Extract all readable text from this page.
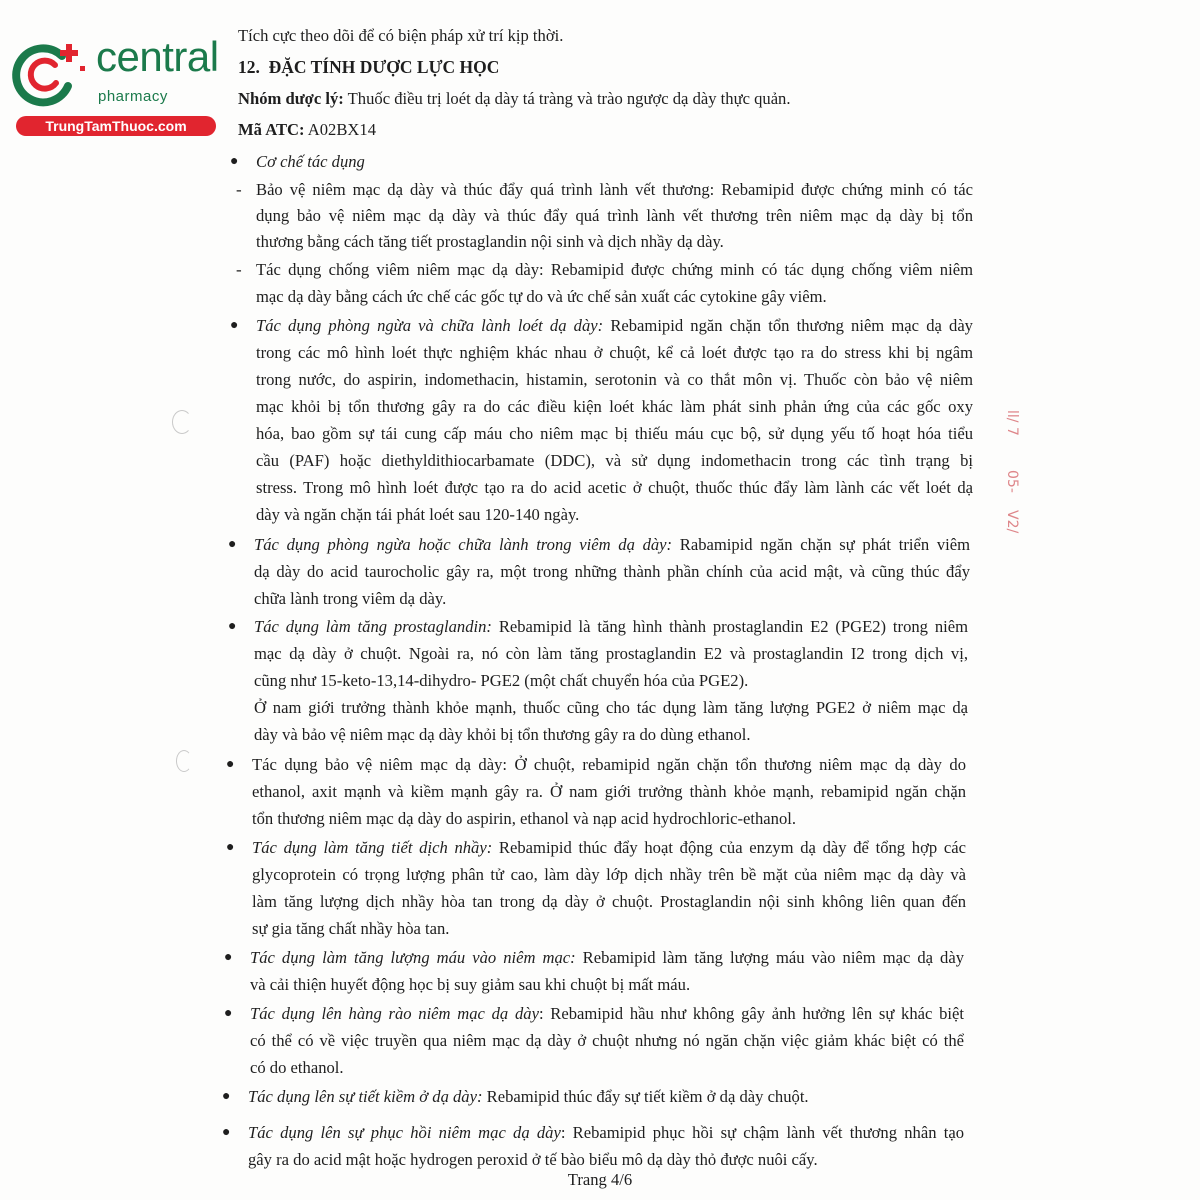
central
pharmacy
TrungTamThuoc.com
ll/ 7
05-
V2/
Tích cực theo dõi để có biện pháp xử trí kịp thời.
12.  ĐẶC TÍNH DƯỢC LỰC HỌC
Nhóm dược lý: Thuốc điều trị loét dạ dày tá tràng và trào ngược dạ dày thực quản.
Mã ATC: A02BX14
● Cơ chế tác dụng
- Bảo vệ niêm mạc dạ dày và thúc đẩy quá trình lành vết thương: Rebamipid được chứng minh có tác
dụng bảo vệ niêm mạc dạ dày và thúc đẩy quá trình lành vết thương trên niêm mạc dạ dày bị tổn
thương bằng cách tăng tiết prostaglandin nội sinh và dịch nhầy dạ dày.
- Tác dụng chống viêm niêm mạc dạ dày: Rebamipid được chứng minh có tác dụng chống viêm niêm
mạc dạ dày bằng cách ức chế các gốc tự do và ức chế sản xuất các cytokine gây viêm.
● Tác dụng phòng ngừa và chữa lành loét dạ dày: Rebamipid ngăn chặn tổn thương niêm mạc dạ dày
trong các mô hình loét thực nghiệm khác nhau ở chuột, kể cả loét được tạo ra do stress khi bị ngâm
trong nước, do aspirin, indomethacin, histamin, serotonin và co thắt môn vị. Thuốc còn bảo vệ niêm
mạc khỏi bị tổn thương gây ra do các điều kiện loét khác làm phát sinh phản ứng của các gốc oxy
hóa, bao gồm sự tái cung cấp máu cho niêm mạc bị thiếu máu cục bộ, sử dụng yếu tố hoạt hóa tiểu
cầu (PAF) hoặc diethyldithiocarbamate (DDC), và sử dụng indomethacin trong các tình trạng bị
stress. Trong mô hình loét được tạo ra do acid acetic ở chuột, thuốc thúc đẩy làm lành các vết loét dạ
dày và ngăn chặn tái phát loét sau 120-140 ngày.
● Tác dụng phòng ngừa hoặc chữa lành trong viêm dạ dày: Rabamipid ngăn chặn sự phát triển viêm
dạ dày do acid taurocholic gây ra, một trong những thành phần chính của acid mật, và cũng thúc đẩy
chữa lành trong viêm dạ dày.
● Tác dụng làm tăng prostaglandin: Rebamipid là tăng hình thành prostaglandin E2 (PGE2) trong niêm
mạc dạ dày ở chuột. Ngoài ra, nó còn làm tăng prostaglandin E2 và prostaglandin I2 trong dịch vị,
cũng như 15-keto-13,14-dihydro- PGE2 (một chất chuyển hóa của PGE2).
Ở nam giới trưởng thành khỏe mạnh, thuốc cũng cho tác dụng làm tăng lượng PGE2 ở niêm mạc dạ
dày và bảo vệ niêm mạc dạ dày khỏi bị tổn thương gây ra do dùng ethanol.
● Tác dụng bảo vệ niêm mạc dạ dày: Ở chuột, rebamipid ngăn chặn tổn thương niêm mạc dạ dày do
ethanol, axit mạnh và kiềm mạnh gây ra. Ở nam giới trưởng thành khỏe mạnh, rebamipid ngăn chặn
tổn thương niêm mạc dạ dày do aspirin, ethanol và nạp acid hydrochloric-ethanol.
● Tác dụng làm tăng tiết dịch nhầy: Rebamipid thúc đẩy hoạt động của enzym dạ dày để tổng hợp các
glycoprotein có trọng lượng phân tử cao, làm dày lớp dịch nhầy trên bề mặt của niêm mạc dạ dày và
làm tăng lượng dịch nhầy hòa tan trong dạ dày ở chuột. Prostaglandin nội sinh không liên quan đến
sự gia tăng chất nhầy hòa tan.
● Tác dụng làm tăng lượng máu vào niêm mạc: Rebamipid làm tăng lượng máu vào niêm mạc dạ dày
và cải thiện huyết động học bị suy giảm sau khi chuột bị mất máu.
● Tác dụng lên hàng rào niêm mạc dạ dày: Rebamipid hầu như không gây ảnh hưởng lên sự khác biệt
có thể có về việc truyền qua niêm mạc dạ dày ở chuột nhưng nó ngăn chặn việc giảm khác biệt có thể
có do ethanol.
● Tác dụng lên sự tiết kiềm ở dạ dày: Rebamipid thúc đẩy sự tiết kiềm ở dạ dày chuột.
● Tác dụng lên sự phục hồi niêm mạc dạ dày: Rebamipid phục hồi sự chậm lành vết thương nhân tạo
gây ra do acid mật hoặc hydrogen peroxid ở tế bào biểu mô dạ dày thỏ được nuôi cấy.
Trang 4/6
